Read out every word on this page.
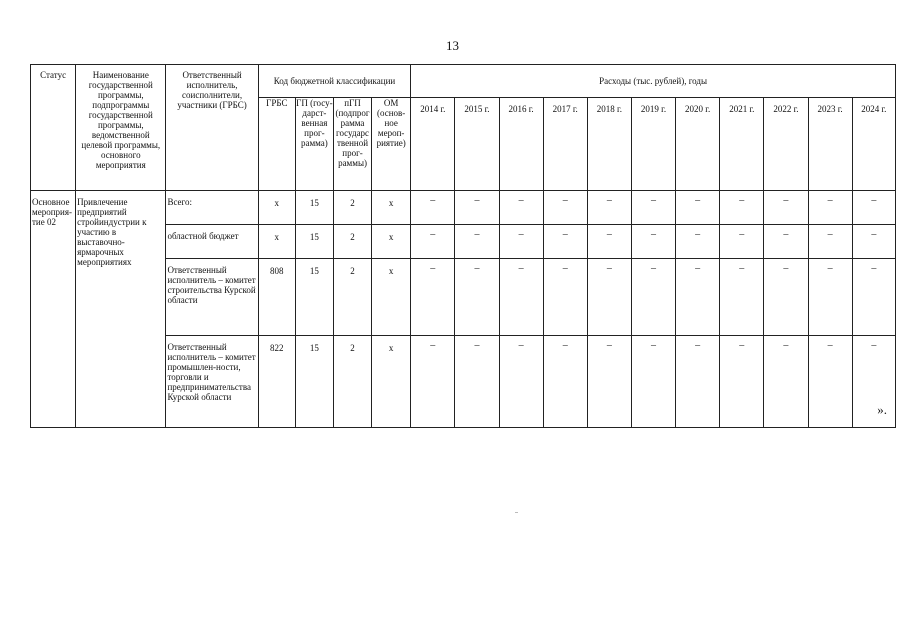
13
Статус	Наименование государственной программы, подпрограммы государственной программы, ведомственной целевой программы, основного мероприятия	Ответственный исполнитель, соисполнители, участники (ГРБС)	Код бюджетной классификации				Расходы (тыс. рублей), годы										
			ГРБС	ГП (госу-дарст-венная прог-рамма)	пГП (подпрог рамма государс твенной прог-раммы)	ОМ (основ-ное мероп-риятие)	2014 г.	2015 г.	2016 г.	2017 г.	2018 г.	2019 г.	2020 г.	2021 г.	2022 г.	2023 г.	2024 г.
Основное мероприя-тие 02	Привлечение предприятий стройиндустрии к участию в выставочно-ярмарочных мероприятиях	Всего:	х	15	2	х	–	–	–	–	–	–	–	–	–	–	–
		областной бюджет	х	15	2	х	–	–	–	–	–	–	–	–	–	–	–
		Ответственный исполнитель – комитет строительства Курской области	808	15	2	х	–	–	–	–	–	–	–	–	–	–	–
		Ответственный исполнитель – комитет промышлен-ности, торговли и предпринимательства Курской области	822	15	2	х	–	–	–	–	–	–	–	–	–	–	–
».
